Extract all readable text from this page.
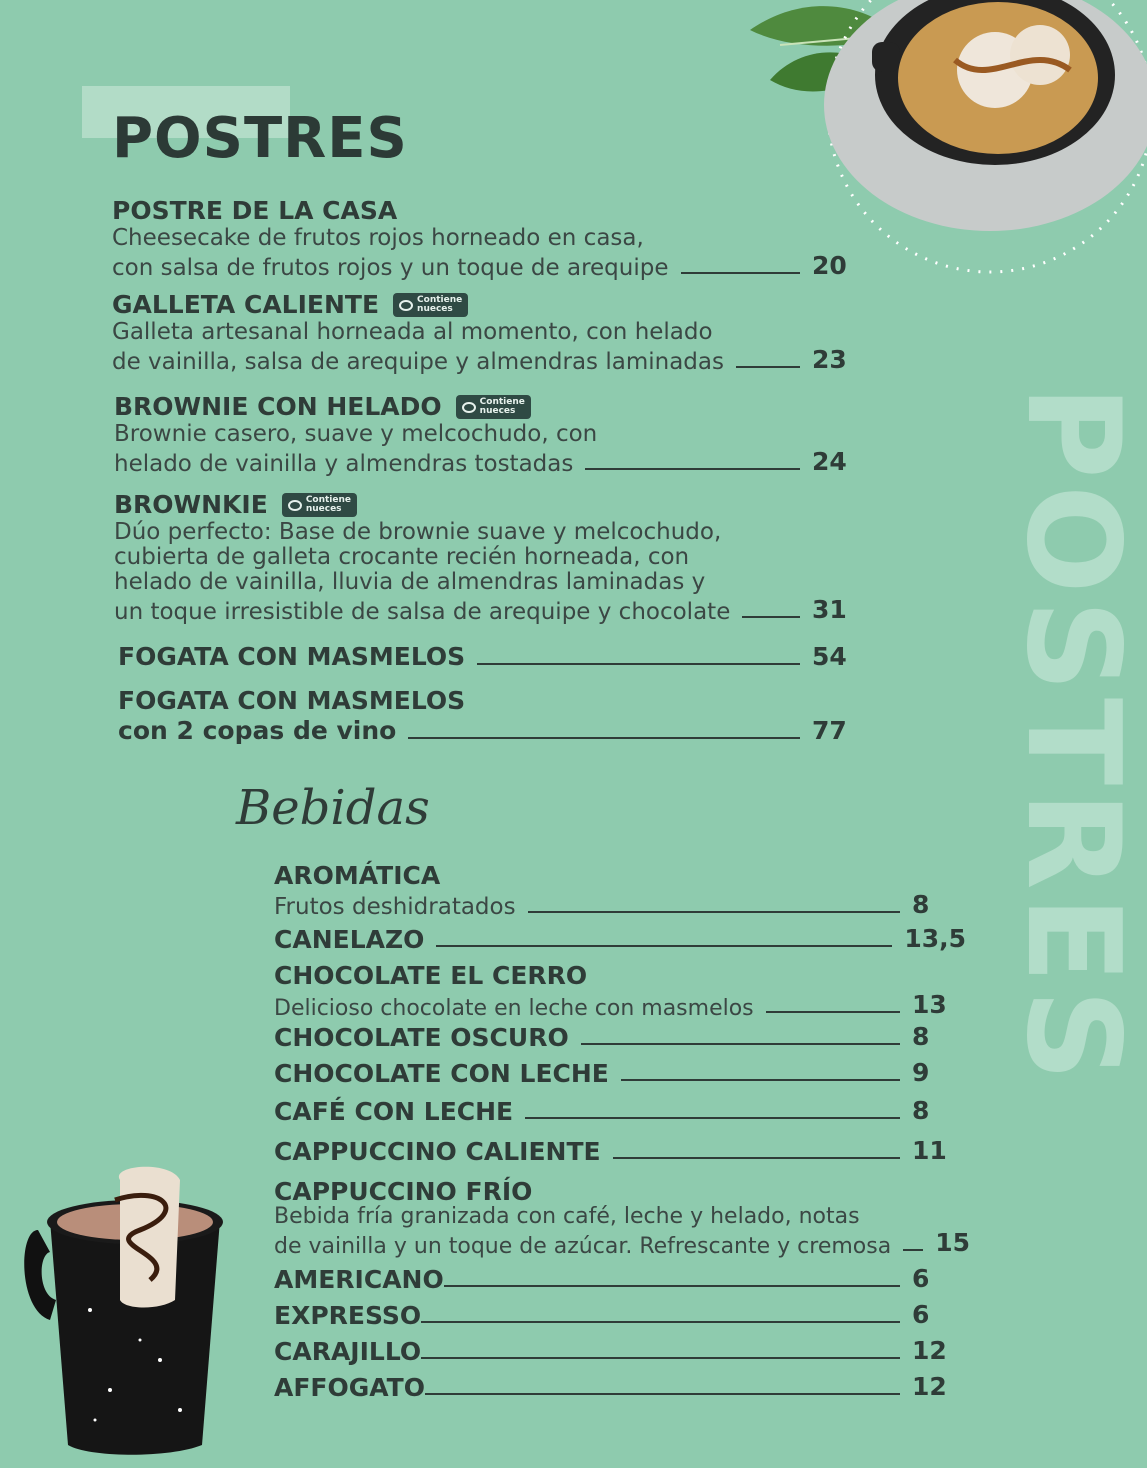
POSTRES
POSTRES
POSTRE DE LA CASA
Cheesecake de frutos rojos horneado en casa,
con salsa de frutos rojos y un toque de arequipe	20
GALLETA CALIENTE	Contiene
nueces
Galleta artesanal horneada al momento, con helado
de vainilla, salsa de arequipe y almendras laminadas	23
BROWNIE CON HELADO	Contiene
nueces
Brownie casero, suave y melcochudo, con
helado de vainilla y almendras tostadas	24
BROWNKIE	Contiene
nueces
Dúo perfecto: Base de brownie suave y melcochudo,
cubierta de galleta crocante recién horneada, con
helado de vainilla, lluvia de almendras laminadas y
un toque irresistible de salsa de arequipe y chocolate	31
FOGATA CON MASMELOS	54
FOGATA CON MASMELOS
con 2 copas de vino	77
Bebidas
AROMÁTICA
Frutos deshidratados	8
CANELAZO	13,5
CHOCOLATE EL CERRO
Delicioso chocolate en leche con masmelos	13
CHOCOLATE OSCURO	8
CHOCOLATE CON LECHE	9
CAFÉ CON LECHE	8
CAPPUCCINO CALIENTE	11
CAPPUCCINO FRÍO
Bebida fría granizada con café, leche y helado, notas
de vainilla y un toque de azúcar. Refrescante y cremosa 15
AMERICANO	6
EXPRESSO	6
CARAJILLO	12
AFFOGATO	12
